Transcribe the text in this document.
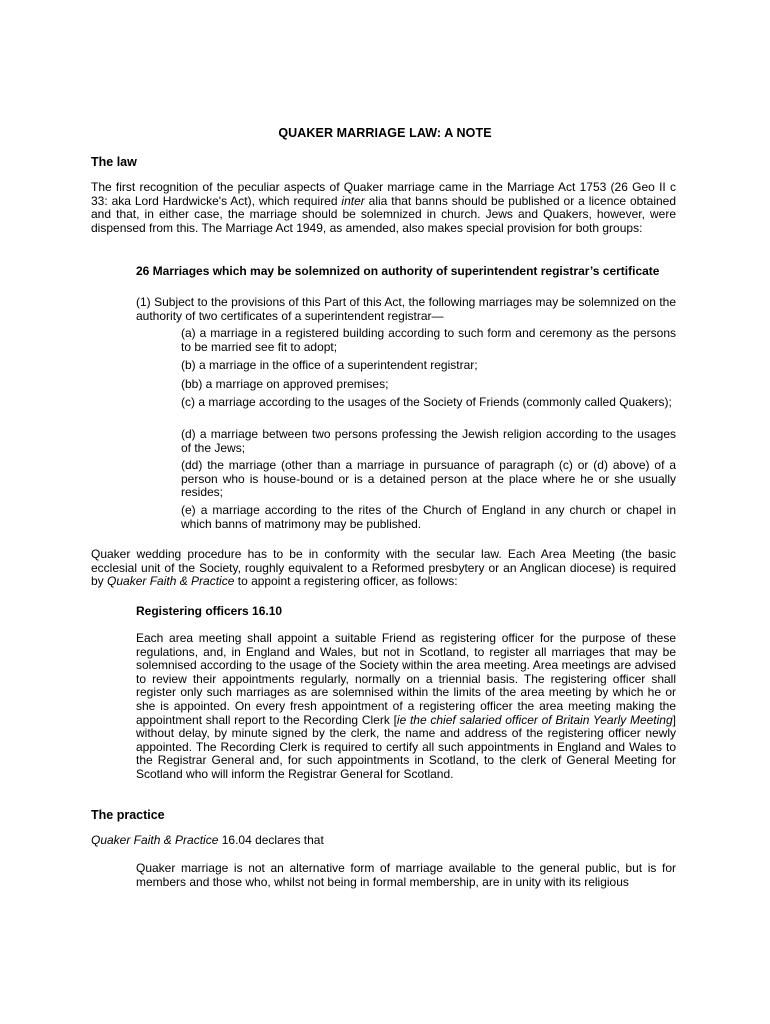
QUAKER MARRIAGE LAW: A NOTE
The law

The first recognition of the peculiar aspects of Quaker marriage came in the Marriage Act 1753 (26 Geo II c 33: aka Lord Hardwicke's Act), which required inter alia that banns should be published or a licence obtained and that, in either case, the marriage should be solemnized in church. Jews and Quakers, however, were dispensed from this. The Marriage Act 1949, as amended, also makes special provision for both groups:

26 Marriages which may be solemnized on authority of superintendent registrar’s certificate

(1) Subject to the provisions of this Part of this Act, the following marriages may be solemnized on the authority of two certificates of a superintendent registrar—

(a) a marriage in a registered building according to such form and ceremony as the persons to be married see fit to adopt;

(b) a marriage in the office of a superintendent registrar;

(bb) a marriage on approved premises;

(c) a marriage according to the usages of the Society of Friends (commonly called Quakers);

(d) a marriage between two persons professing the Jewish religion according to the usages of the Jews;

(dd) the marriage (other than a marriage in pursuance of paragraph (c) or (d) above) of a person who is house-bound or is a detained person at the place where he or she usually resides;

(e) a marriage according to the rites of the Church of England in any church or chapel in which banns of matrimony may be published.

Quaker wedding procedure has to be in conformity with the secular law. Each Area Meeting (the basic ecclesial unit of the Society, roughly equivalent to a Reformed presbytery or an Anglican diocese) is required by Quaker Faith & Practice to appoint a registering officer, as follows:

Registering officers 16.10

Each area meeting shall appoint a suitable Friend as registering officer for the purpose of these regulations, and, in England and Wales, but not in Scotland, to register all marriages that may be solemnised according to the usage of the Society within the area meeting. Area meetings are advised to review their appointments regularly, normally on a triennial basis. The registering officer shall register only such marriages as are solemnised within the limits of the area meeting by which he or she is appointed. On every fresh appointment of a registering officer the area meeting making the appointment shall report to the Recording Clerk [ie the chief salaried officer of Britain Yearly Meeting] without delay, by minute signed by the clerk, the name and address of the registering officer newly appointed. The Recording Clerk is required to certify all such appointments in England and Wales to the Registrar General and, for such appointments in Scotland, to the clerk of General Meeting for Scotland who will inform the Registrar General for Scotland.

The practice

Quaker Faith & Practice 16.04 declares that

Quaker marriage is not an alternative form of marriage available to the general public, but is for members and those who, whilst not being in formal membership, are in unity with its religious
